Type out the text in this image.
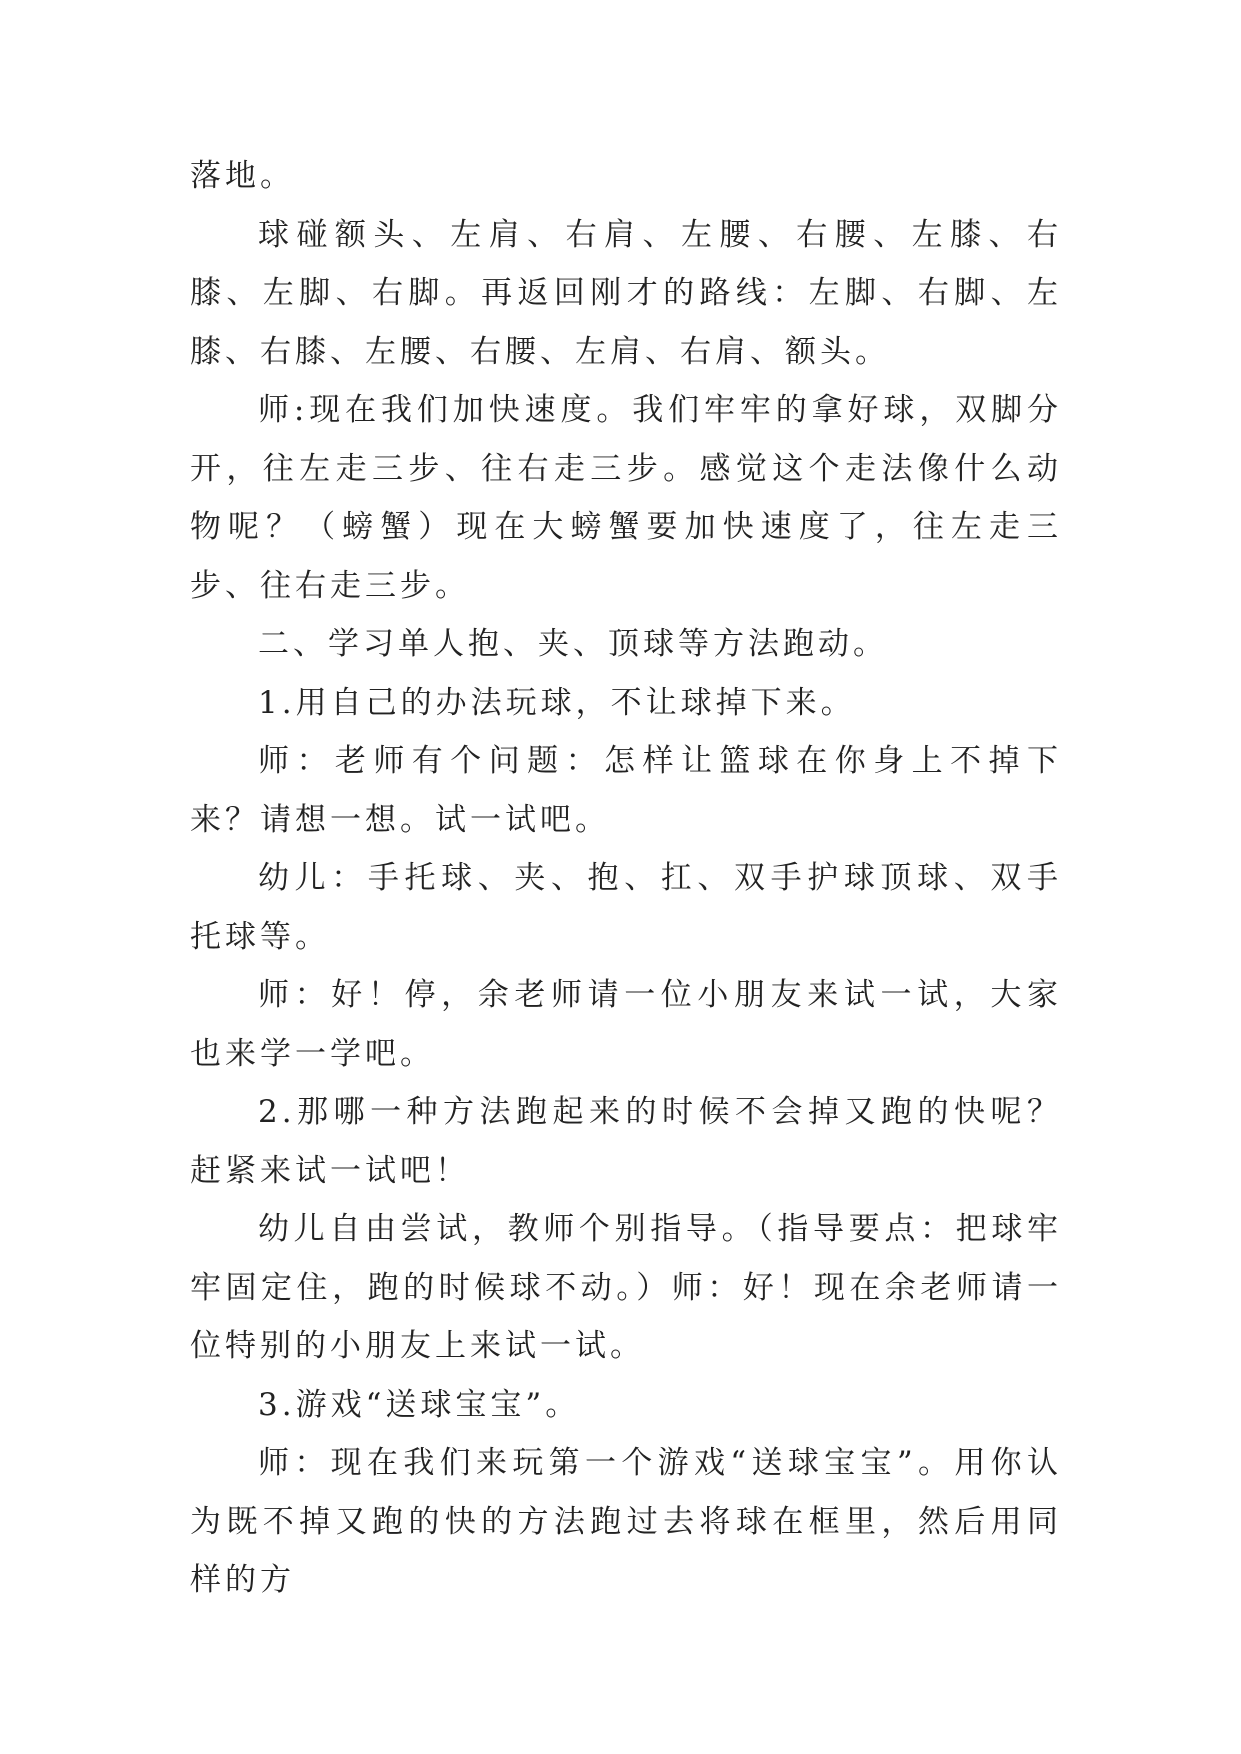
落地。

球碰额头、左肩、右肩、左腰、右腰、左膝、右膝、左脚、右脚。再返回刚才的路线：左脚、右脚、左膝、右膝、左腰、右腰、左肩、右肩、额头。

师:现在我们加快速度。我们牢牢的拿好球，双脚分开，往左走三步、往右走三步。感觉这个走法像什么动物呢？（螃蟹）现在大螃蟹要加快速度了，往左走三步、往右走三步。

二、学习单人抱、夹、顶球等方法跑动。

1.用自己的办法玩球，不让球掉下来。

师：老师有个问题：怎样让篮球在你身上不掉下来？请想一想。试一试吧。

幼儿：手托球、夹、抱、扛、双手护球顶球、双手托球等。

师：好！停，余老师请一位小朋友来试一试，大家也来学一学吧。

2.那哪一种方法跑起来的时候不会掉又跑的快呢？赶紧来试一试吧！

幼儿自由尝试，教师个别指导。（指导要点：把球牢牢固定住，跑的时候球不动。）师：好！现在余老师请一位特别的小朋友上来试一试。

3.游戏“送球宝宝”。

师：现在我们来玩第一个游戏“送球宝宝”。用你认为既不掉又跑的快的方法跑过去将球在框里，然后用同样的方
